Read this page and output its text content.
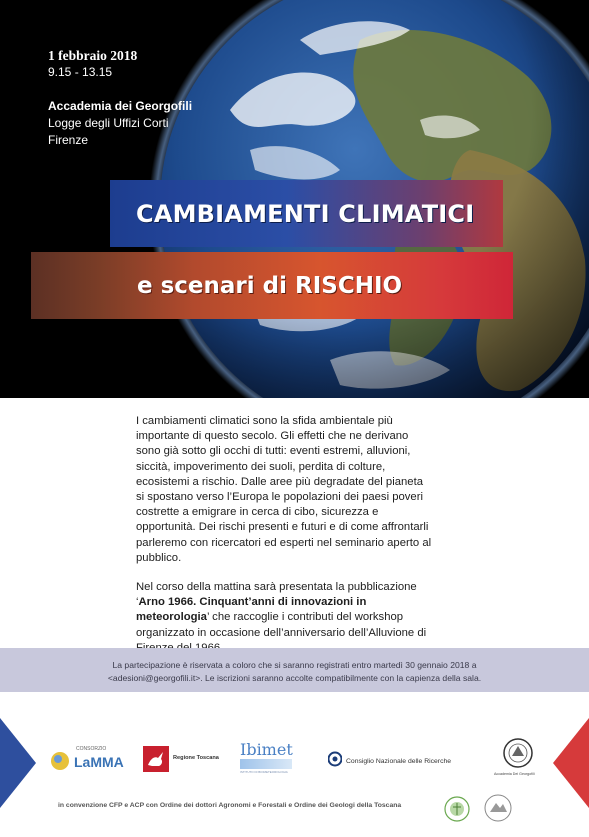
1 febbraio 2018
9.15 - 13.15
Accademia dei Georgofili
Logge degli Uffizi Corti
Firenze
CAMBIAMENTI CLIMATICI
e scenari di RISCHIO

I cambiamenti climatici sono la sfida ambientale più importante di questo secolo. Gli effetti che ne derivano sono già sotto gli occhi di tutti: eventi estremi, alluvioni, siccità, impoverimento dei suoli, perdita di colture, ecosistemi a rischio. Dalle aree più degradate del pianeta si spostano verso l’Europa le popolazioni dei paesi poveri costrette a emigrare in cerca di cibo, sicurezza e opportunità. Dei rischi presenti e futuri e di come affrontarli parleremo con ricercatori ed esperti nel seminario aperto al pubblico.

Nel corso della mattina sarà presentata la pubblicazione ‘Arno 1966. Cinquant’anni di innovazioni in meteorologia’ che raccoglie i contributi del workshop organizzato in occasione dell’anniversario dell’Alluvione di

La partecipazione è riservata a coloro che si saranno registrati entro martedì 30 gennaio 2018 a
<adesioni@georgofili.it>. Le iscrizioni saranno accolte compatibilmente con la capienza della sala.
CONSORZIO
LaMMA	Regione Toscana Ibimet
ISTITUTO DI BIOMETEOROLOGIA
Consiglio Nazionale delle Ricerche
Accademia Dei Georgofili
in convenzione CFP e ACP con Ordine dei dottori Agronomi e Forestali e Ordine dei Geologi della Toscana
